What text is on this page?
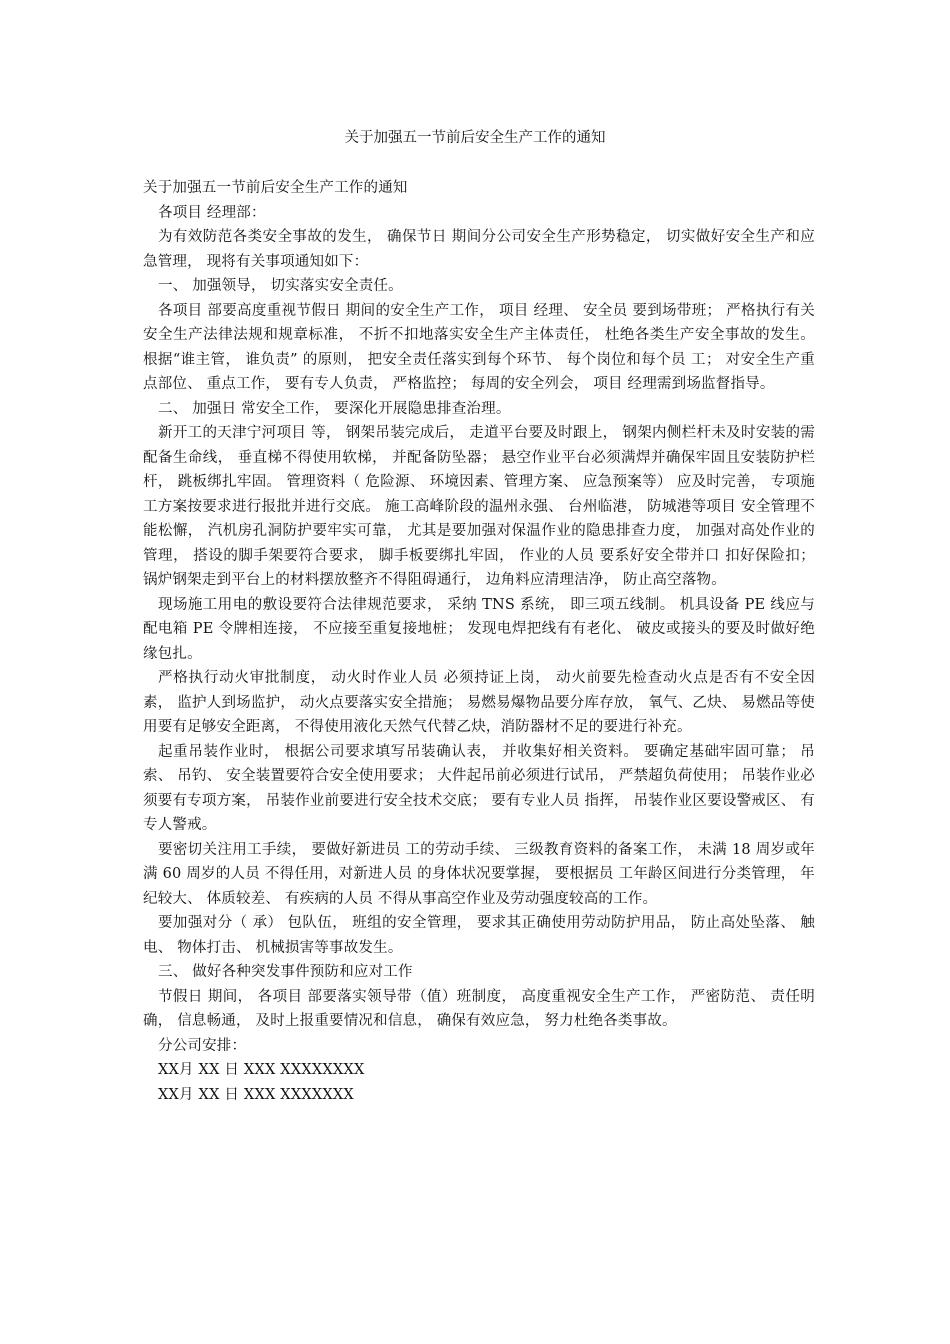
关于加强五一节前后安全生产工作的通知

关于加强五一节前后安全生产工作的通知

各项目 经理部：

为有效防范各类安全事故的发生， 确保节日 期间分公司安全生产形势稳定， 切实做好安全生产和应急管理， 现将有关事项通知如下：

一、 加强领导， 切实落实安全责任。

各项目 部要高度重视节假日 期间的安全生产工作， 项目 经理、 安全员 要到场带班； 严格执行有关安全生产法律法规和规章标准， 不折不扣地落实安全生产主体责任， 杜绝各类生产安全事故的发生。 根据“谁主管， 谁负责” 的原则， 把安全责任落实到每个环节、 每个岗位和每个员 工； 对安全生产重点部位、 重点工作， 要有专人负责， 严格监控； 每周的安全列会， 项目 经理需到场监督指导。

二、 加强日 常安全工作， 要深化开展隐患排查治理。

新开工的天津宁河项目 等， 钢架吊装完成后， 走道平台要及时跟上， 钢架内侧栏杆未及时安装的需配备生命线， 垂直梯不得使用软梯， 并配备防坠器； 悬空作业平台必须满焊并确保牢固且安装防护栏杆， 跳板绑扎牢固。 管理资料（ 危险源、 环境因素、管理方案、 应急预案等） 应及时完善， 专项施工方案按要求进行报批并进行交底。 施工高峰阶段的温州永强、 台州临港， 防城港等项目 安全管理不能松懈， 汽机房孔洞防护要牢实可靠， 尤其是要加强对保温作业的隐患排查力度， 加强对高处作业的管理， 搭设的脚手架要符合要求， 脚手板要绑扎牢固， 作业的人员 要系好安全带并口 扣好保险扣； 锅炉钢架走到平台上的材料摆放整齐不得阻碍通行， 边角料应清理洁净， 防止高空落物。

现场施工用电的敷设要符合法律规范要求， 采纳 TNS 系统， 即三项五线制。 机具设备 PE 线应与配电箱 PE 令牌相连接， 不应接至重复接地桩； 发现电焊把线有有老化、 破皮或接头的要及时做好绝缘包扎。

严格执行动火审批制度， 动火时作业人员 必须持证上岗， 动火前要先检查动火点是否有不安全因素， 监护人到场监护， 动火点要落实安全措施； 易燃易爆物品要分库存放， 氧气、乙炔、 易燃品等使用要有足够安全距离， 不得使用液化天然气代替乙炔，消防器材不足的要进行补充。

起重吊装作业时， 根据公司要求填写吊装确认表， 并收集好相关资料。 要确定基础牢固可靠； 吊索、 吊钓、 安全装置要符合安全使用要求； 大件起吊前必须进行试吊， 严禁超负荷使用； 吊装作业必须要有专项方案， 吊装作业前要进行安全技术交底； 要有专业人员 指挥， 吊装作业区要设警戒区、 有专人警戒。

要密切关注用工手续， 要做好新进员 工的劳动手续、 三级教育资料的备案工作， 未满 18 周岁或年满 60 周岁的人员 不得任用，对新进人员 的身体状况要掌握， 要根据员 工年龄区间进行分类管理， 年纪较大、 体质较差、 有疾病的人员 不得从事高空作业及劳动强度较高的工作。

要加强对分（ 承） 包队伍， 班组的安全管理， 要求其正确使用劳动防护用品， 防止高处坠落、 触电、 物体打击、 机械损害等事故发生。

三、 做好各种突发事件预防和应对工作

节假日 期间， 各项目 部要落实领导带（值）班制度， 高度重视安全生产工作， 严密防范、 责任明确， 信息畅通， 及时上报重要情况和信息， 确保有效应急， 努力杜绝各类事故。

分公司安排：

XX月 XX 日 XXX XXXXXXXX

XX月 XX 日 XXX XXXXXXX
